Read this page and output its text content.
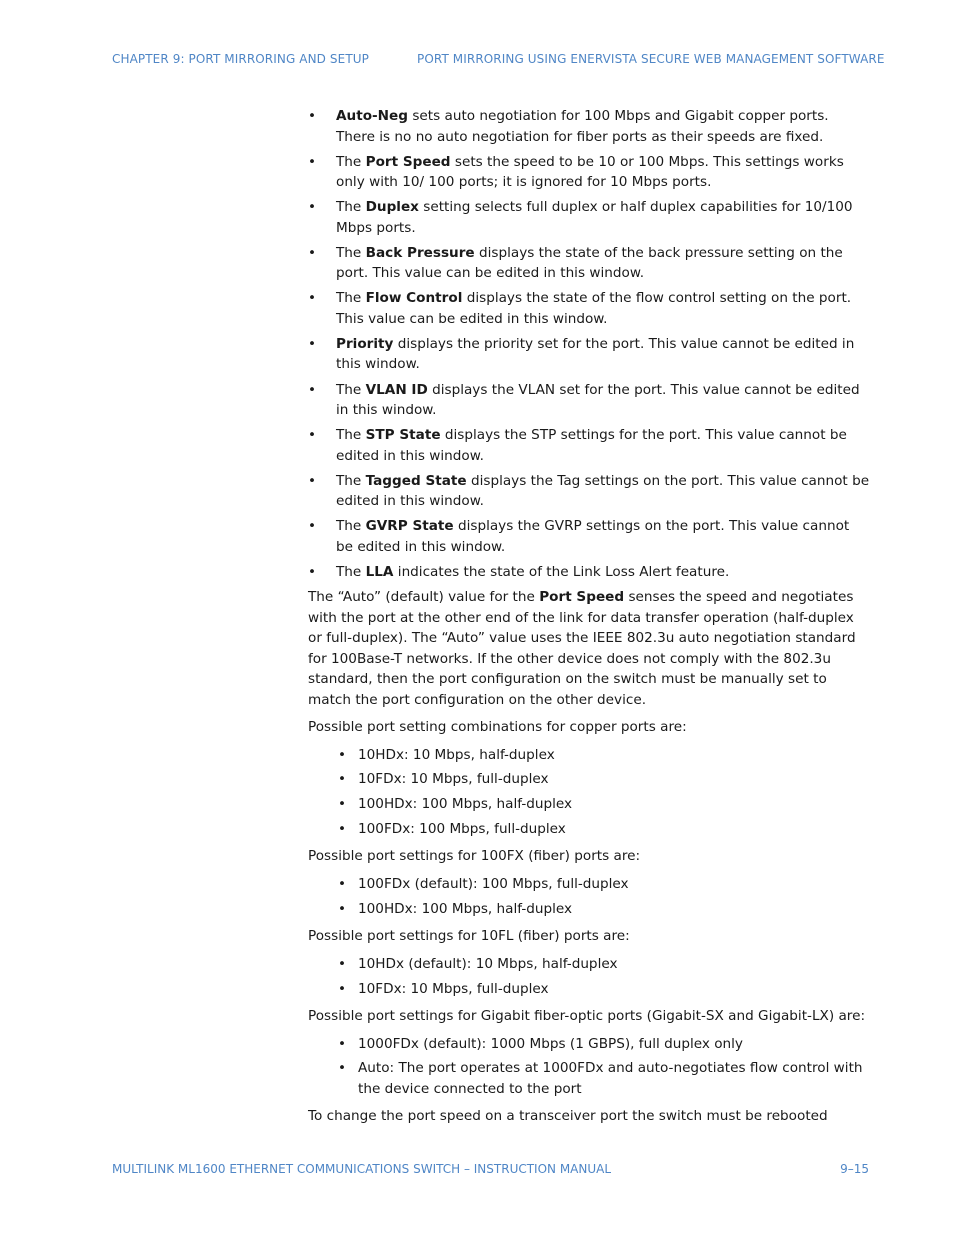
CHAPTER 9: PORT MIRRORING AND SETUP	PORT MIRRORING USING ENERVISTA SECURE WEB MANAGEMENT SOFTWARE
• Auto-Neg sets auto negotiation for 100 Mbps and Gigabit copper ports. There is no no auto negotiation for fiber ports as their speeds are fixed.
• The Port Speed sets the speed to be 10 or 100 Mbps. This settings works only with 10/ 100 ports; it is ignored for 10 Mbps ports.
• The Duplex setting selects full duplex or half duplex capabilities for 10/100 Mbps ports.
• The Back Pressure displays the state of the back pressure setting on the port. This value can be edited in this window.
• The Flow Control displays the state of the flow control setting on the port. This value can be edited in this window.
• Priority displays the priority set for the port. This value cannot be edited in this window.
• The VLAN ID displays the VLAN set for the port. This value cannot be edited in this window.
• The STP State displays the STP settings for the port. This value cannot be edited in this window.
• The Tagged State displays the Tag settings on the port. This value cannot be edited in this window.
• The GVRP State displays the GVRP settings on the port. This value cannot be edited in this window.
• The LLA indicates the state of the Link Loss Alert feature.

The “Auto” (default) value for the Port Speed senses the speed and negotiates with the port at the other end of the link for data transfer operation (half-duplex or full-duplex). The “Auto” value uses the IEEE 802.3u auto negotiation standard for 100Base-T networks. If the other device does not comply with the 802.3u standard, then the port configuration on the switch must be manually set to match the port configuration on the other device.

Possible port setting combinations for copper ports are:

• 10HDx: 10 Mbps, half-duplex
• 10FDx: 10 Mbps, full-duplex
• 100HDx: 100 Mbps, half-duplex
• 100FDx: 100 Mbps, full-duplex

Possible port settings for 100FX (fiber) ports are:

• 100FDx (default): 100 Mbps, full-duplex
• 100HDx: 100 Mbps, half-duplex

Possible port settings for 10FL (fiber) ports are:

• 10HDx (default): 10 Mbps, half-duplex
• 10FDx: 10 Mbps, full-duplex

Possible port settings for Gigabit fiber-optic ports (Gigabit-SX and Gigabit-LX) are:

• 1000FDx (default): 1000 Mbps (1 GBPS), full duplex only
• Auto: The port operates at 1000FDx and auto-negotiates flow control with the device connected to the port

To change the port speed on a transceiver port the switch must be rebooted

MULTILINK ML1600 ETHERNET COMMUNICATIONS SWITCH – INSTRUCTION MANUAL	9–15
